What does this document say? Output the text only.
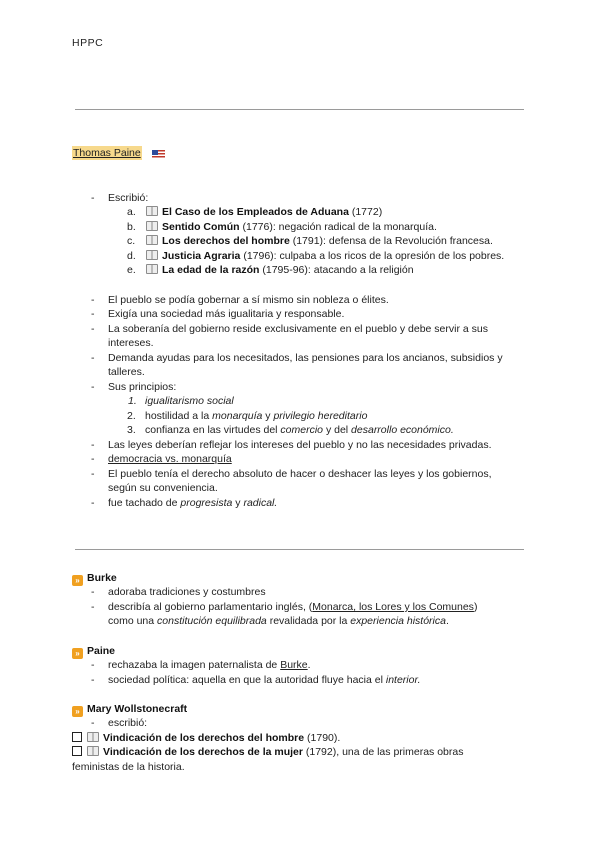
HPPC
Thomas Paine
- Escribió:
a.	El Caso de los Empleados de Aduana (1772)
b.	Sentido Común (1776): negación radical de la monarquía.
c.	Los derechos del hombre (1791): defensa de la Revolución francesa.
d.	Justicia Agraria (1796): culpaba a los ricos de la opresión de los pobres.
e.	La edad de la razón (1795-96): atacando a la religión
- El pueblo se podía gobernar a sí mismo sin nobleza o élites.
- Exigía una sociedad más igualitaria y responsable.
- La soberanía del gobierno reside exclusivamente en el pueblo y debe servir a sus
intereses.
- Demanda ayudas para los necesitados, las pensiones para los ancianos, subsidios y
talleres.
- Sus principios:
1. igualitarismo social
2. hostilidad a la monarquía y privilegio hereditario
3. confianza en las virtudes del comercio y del desarrollo económico.
- Las leyes deberían reflejar los intereses del pueblo y no las necesidades privadas.
- democracia vs. monarquía
- El pueblo tenía el derecho absoluto de hacer o deshacer las leyes y los gobiernos,
según su conveniencia.
- fue tachado de progresista y radical.
» Burke
- adoraba tradiciones y costumbres
- describía al gobierno parlamentario inglés, (Monarca, los Lores y los Comunes)
como una constitución equilibrada revalidada por la experiencia histórica.
» Paine
- rechazaba la imagen paternalista de Burke.
- sociedad política: aquella en que la autoridad fluye hacia el interior.
» Mary Wollstonecraft
- escribió:
Vindicación de los derechos del hombre (1790).
Vindicación de los derechos de la mujer (1792), una de las primeras obras
feministas de la historia.
